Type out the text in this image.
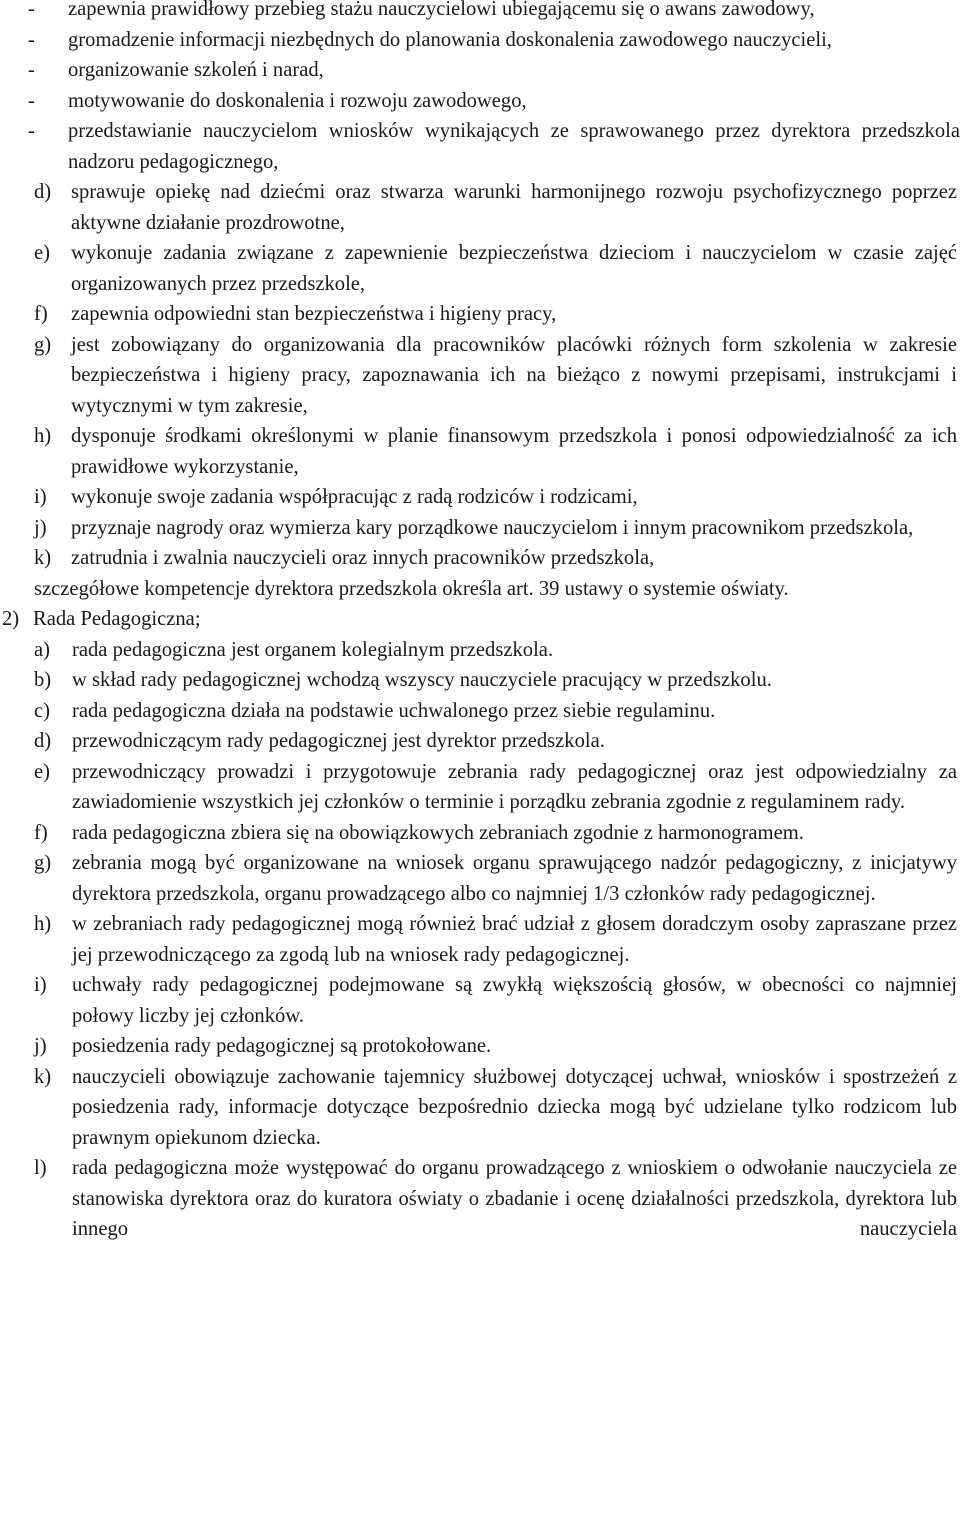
-	zapewnia prawidłowy przebieg stażu nauczycielowi ubiegającemu się o awans zawodowy,
-	gromadzenie informacji niezbędnych do planowania doskonalenia zawodowego nauczycieli,
-	organizowanie szkoleń i narad,
-	motywowanie do doskonalenia i rozwoju zawodowego,
-	przedstawianie nauczycielom wniosków wynikających ze sprawowanego przez dyrektora przedszkola nadzoru pedagogicznego,
d) sprawuje opiekę nad dziećmi oraz stwarza warunki harmonijnego rozwoju psychofizycznego poprzez aktywne działanie prozdrowotne,
e)	wykonuje zadania związane z zapewnienie bezpieczeństwa dzieciom i nauczycielom w czasie zajęć organizowanych przez przedszkole,
f)	zapewnia odpowiedni stan bezpieczeństwa i higieny pracy,
g) jest zobowiązany do organizowania dla pracowników placówki różnych form szkolenia w zakresie bezpieczeństwa i higieny pracy, zapoznawania ich na bieżąco z nowymi przepisami, instrukcjami i wytycznymi w tym zakresie,
h) dysponuje środkami określonymi w planie finansowym przedszkola i ponosi odpowiedzialność za ich prawidłowe wykorzystanie,
i)	wykonuje swoje zadania współpracując z radą rodziców i rodzicami,
j)	przyznaje nagrody oraz wymierza kary porządkowe nauczycielom i innym pracownikom przedszkola,
k) zatrudnia i zwalnia nauczycieli oraz innych pracowników przedszkola,
szczegółowe kompetencje dyrektora przedszkola określa art. 39 ustawy o systemie oświaty.
2) Rada Pedagogiczna;
a)	rada pedagogiczna jest organem kolegialnym przedszkola.
b)	w skład rady pedagogicznej wchodzą wszyscy nauczyciele pracujący w przedszkolu.
c)	rada pedagogiczna działa na podstawie uchwalonego przez siebie regulaminu.
d)	przewodniczącym rady pedagogicznej jest dyrektor przedszkola.
e)	przewodniczący prowadzi i przygotowuje zebrania rady pedagogicznej oraz jest odpowiedzialny za zawiadomienie wszystkich jej członków o terminie i porządku zebrania zgodnie z regulaminem rady.
f)	rada pedagogiczna zbiera się na obowiązkowych zebraniach zgodnie z harmonogramem.
g)	zebrania mogą być organizowane na wniosek organu sprawującego nadzór pedagogiczny, z inicjatywy dyrektora przedszkola, organu prowadzącego albo co najmniej 1/3 członków rady pedagogicznej.
h)	w zebraniach rady pedagogicznej mogą również brać udział z głosem doradczym osoby zapraszane przez jej przewodniczącego za zgodą lub na wniosek rady pedagogicznej.
i)	uchwały rady pedagogicznej podejmowane są zwykłą większością głosów, w obecności co najmniej połowy liczby jej członków.
j)	posiedzenia rady pedagogicznej są protokołowane.
k)	nauczycieli obowiązuje zachowanie tajemnicy służbowej dotyczącej uchwał, wniosków i spostrzeżeń z posiedzenia rady, informacje dotyczące bezpośrednio dziecka mogą być udzielane tylko rodzicom lub prawnym opiekunom dziecka.
l)	rada pedagogiczna może występować do organu prowadzącego z wnioskiem o odwołanie nauczyciela ze stanowiska dyrektora oraz do kuratora oświaty o zbadanie i ocenę działalności przedszkola, dyrektora lub innego nauczyciela
